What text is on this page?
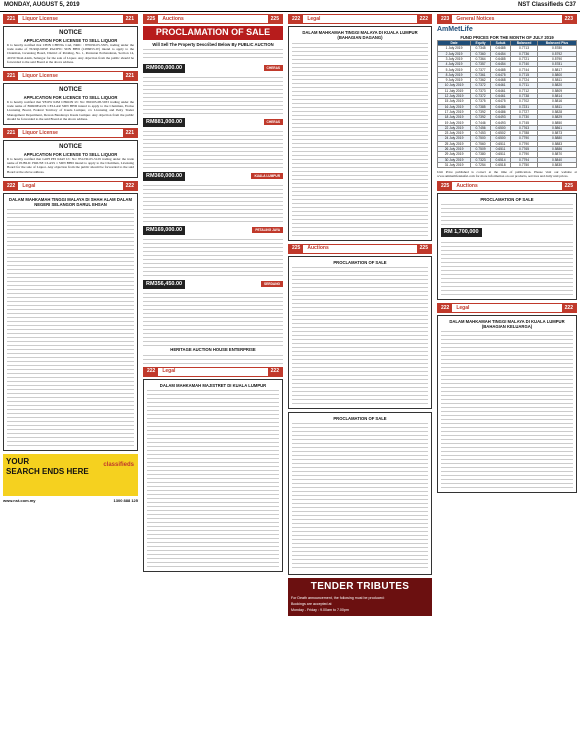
MONDAY, AUGUST 5, 2019	NST Classifieds C37
221	Liquor License	221
NOTICE
APPLICATION FOR LICENSE TO SELL LIQUOR
It is hereby notified that CHIN CHENG CAI, NRIC : 870630-05-5305, trading under the trade name of TURQUOISE PACIFIC SDN BHD (1286653-W) intend to apply to the Chairman, Licensing Board, District of Petaling, No. 1, Persiaran Perbandaran, Section 14, 40150 Shah Alam, Selangor for the sale of Liquor. Any objection from the public should be forwarded to the said Board at the above address.
221	Liquor License	221
NOTICE
APPLICATION FOR LICENCE TO SELL LIQUOR
It is hereby notified that YEOW KIM CHOON I/C No: 860103-08-5933 trading under the trade name of BORDEAUX CELLAR SDN BHD intend to apply to the Chairman, Excise Licensing Board, Federal Territory of Kuala Lumpur, c/o Licensing and Petty Trader Management Department, Dewan Bandaraya Kuala Lumpur. Any objection from the public should be forwarded to the said Board at the above address.
221	Liquor License	221
NOTICE
APPLICATION FOR LICENSE TO SELL LIQUOR
It is hereby notified that GOH PEI KIAT I/C No: 851230-05-5129 trading under the trade name of PUBLIC HOUSE CLASS 1 SDN BHD intend to apply to the Chairman, Licensing Board for the sale of Liquor. Any objection from the public should be forwarded to the said Board at the above address.
222	Legal	222
DALAM MAHKAMAH TINGGI MALAYA DI SHAH ALAM DALAM NEGERI SELANGOR DARUL EHSAN
YOUR
SEARCH ENDS HERE
classifieds
www.nst.com.my	1300 888 125
225	Auctions	225
PROCLAMATION OF SALE
Will Sell The Property Described Below By PUBLIC AUCTION
RM900,000.00	CHERAS
RM881,000.00	CHERAS
RM360,000.00	KUALA LUMPUR
RM169,000.00	PETALING JAYA
RM356,450.00	SERDANG
HERITAGE AUCTION HOUSE ENTERPRISE
222	Legal	222
DALAM MAHKAMAH MAJISTRET DI KUALA LUMPUR
222	Legal	222
DALAM MAHKAMAH TINGGI MALAYA DI KUALA LUMPUR (BAHAGIAN DAGANG)
225	Auctions	225
PROCLAMATION OF SALE
PROCLAMATION OF SALE
TENDER TRIBUTES
For Death announcement, the following must be produced:
Bookings are accepted at
Monday - Friday : 9.00am to 7.00pm
223	General Notices	223
AmMetLife
FUND PRICES FOR THE MONTH OF JULY 2019
Date	Equity	Sukuk	Balanced	Balanced Plus
1 July 2019	0.7345	0.6485	0.7713	0.5780
2 July 2019	0.7360	0.6454	0.7736	0.5792
3 July 2019	0.7364	0.6485	0.7721	0.5790
4 July 2019	0.7357	0.6454	0.7740	0.5781
5 July 2019	0.7377	0.6485	0.7744	0.5817
8 July 2019	0.7361	0.6475	0.7715	0.5800
9 July 2019	0.7362	0.6468	0.7724	0.5811
10 July 2019	0.7372	0.6461	0.7711	0.5820
11 July 2019	0.7373	0.6461	0.7712	0.5809
12 July 2019	0.7372	0.6461	0.7738	0.5814
15 July 2019	0.7375	0.6475	0.7702	0.5816
16 July 2019	0.7385	0.6486	0.7231	0.5811
17 July 2019	0.7392	0.6486	0.7727	0.5828
18 July 2019	0.7392	0.6493	0.7730	0.5829
19 July 2019	0.7446	0.6493	0.7745	0.5850
22 July 2019	0.7456	0.6500	0.7763	0.5861
23 July 2019	0.7453	0.6502	0.7788	0.5873
24 July 2019	0.7500	0.6500	0.7790	0.5880
25 July 2019	0.7560	0.6511	0.7790	0.5883
26 July 2019	0.7509	0.6511	0.7765	0.5886
29 July 2019	0.7380	0.6511	0.7790	0.5870
30 July 2019	0.7323	0.6514	0.7794	0.5840
31 July 2019	0.7254	0.6518	0.7750	0.5830
Unit Price published is correct at the time of publication. Please visit our website at www.ammetlifetakaful.com for more information on our products, services and daily unit prices.
225	Auctions	225
PROCLAMATION OF SALE
RM 1,700,000
222	Legal	222
DALAM MAHKAMAH TINGGI MALAYA DI KUALA LUMPUR (BAHAGIAN KELUARGA)
